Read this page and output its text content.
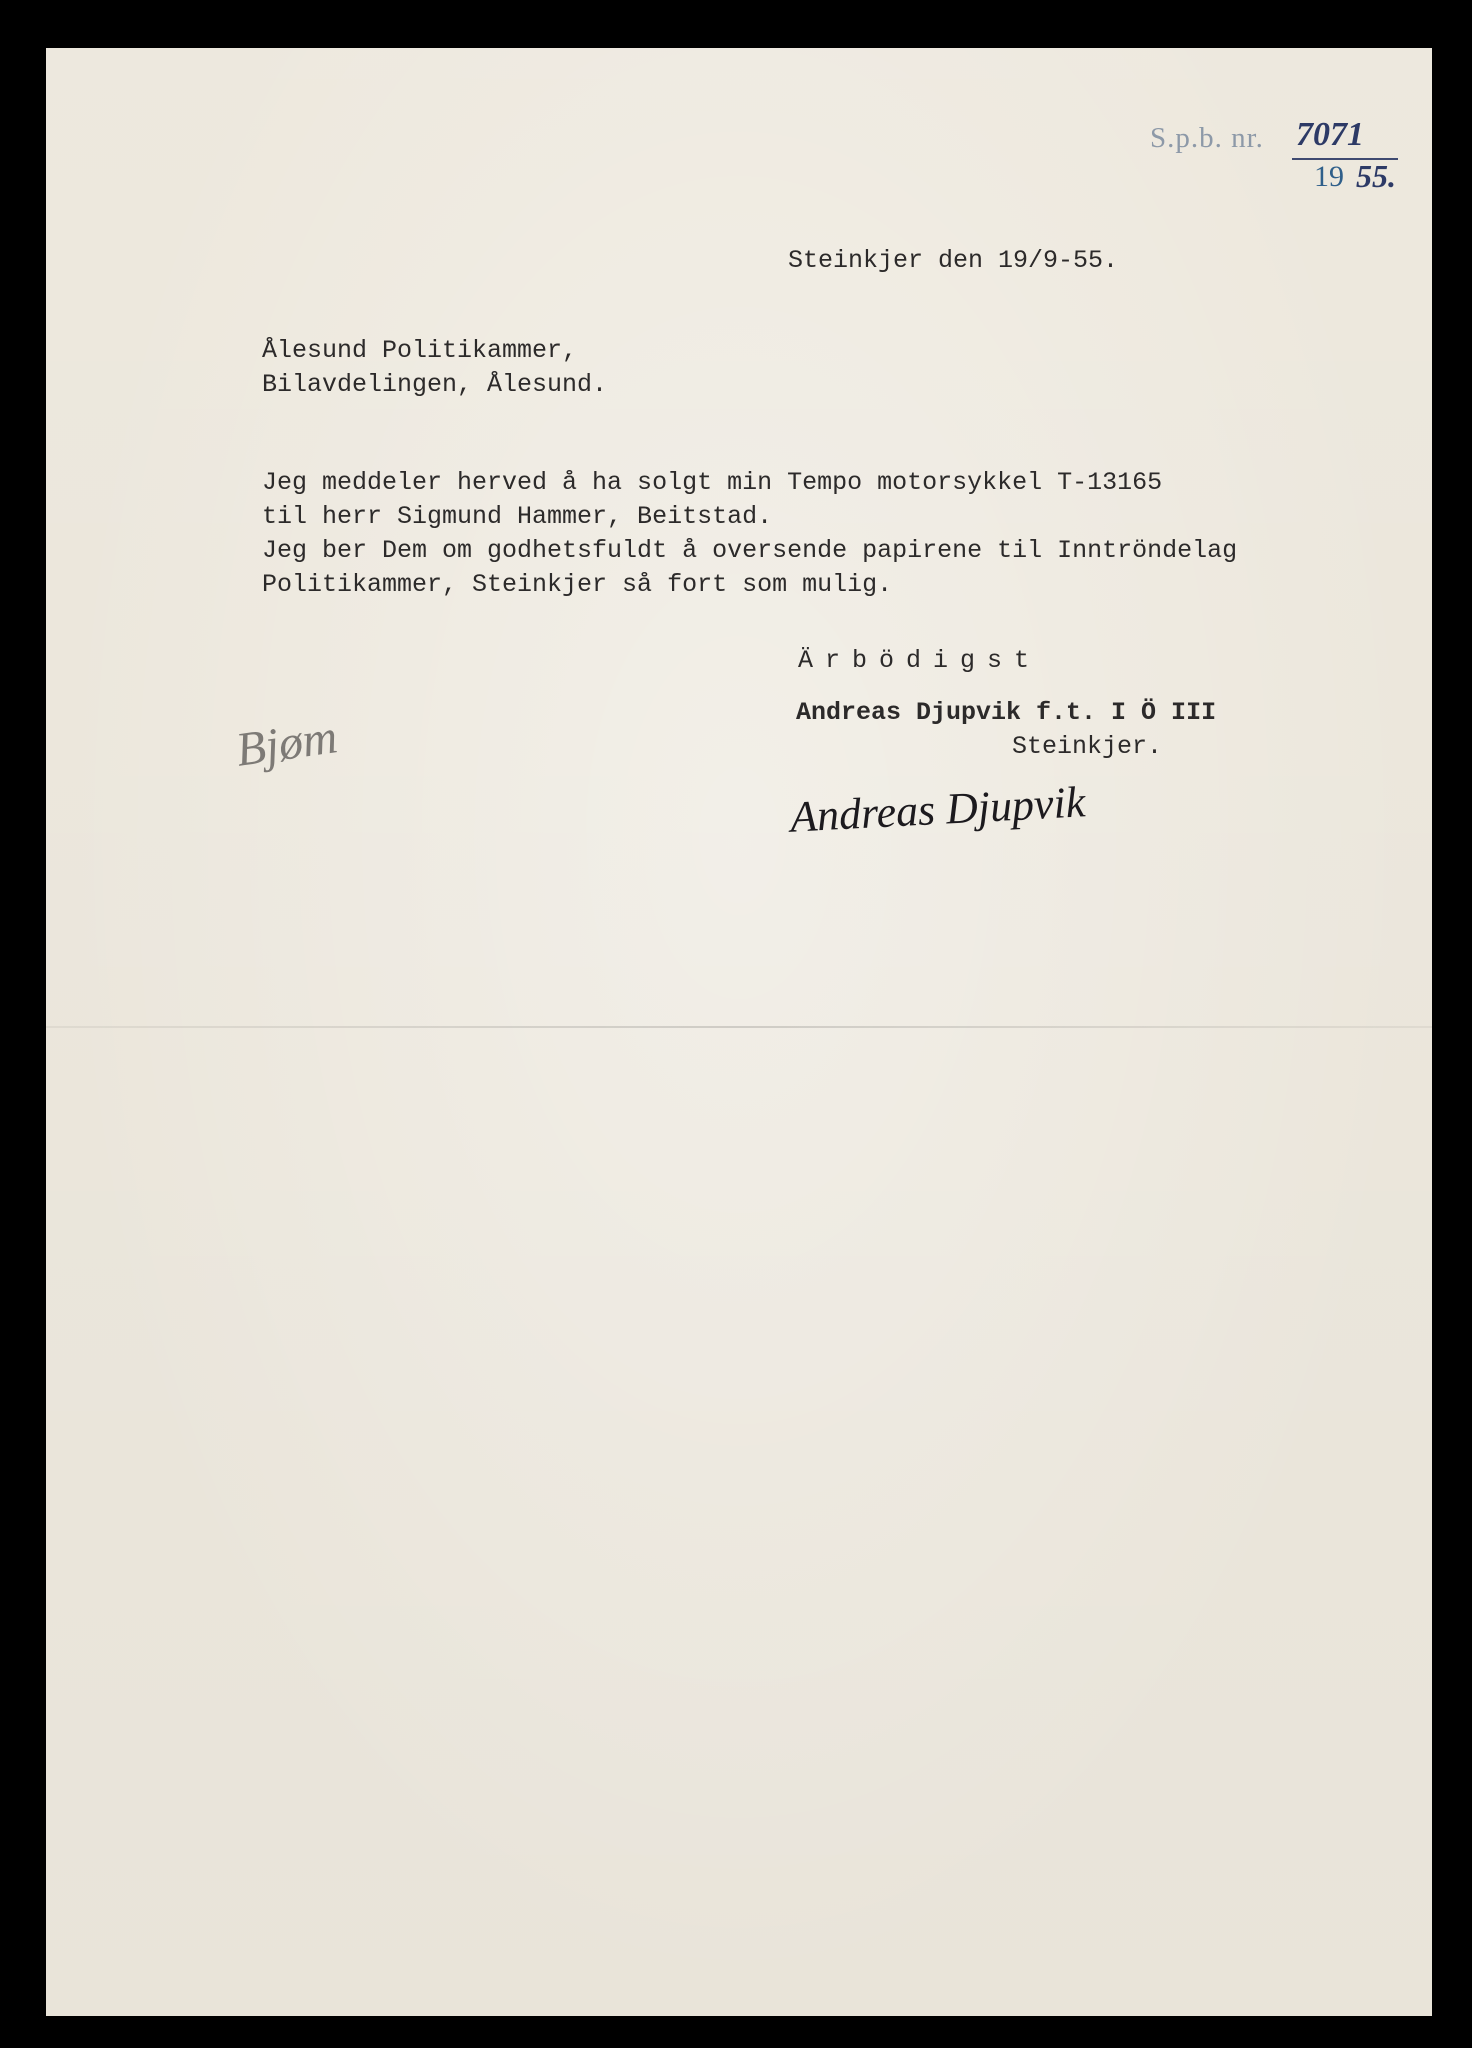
S.p.b. nr. 7071
19 55.
Steinkjer den 19/9-55.
Ålesund Politikammer,
Bilavdelingen, Ålesund.
Jeg meddeler herved å ha solgt min Tempo motorsykkel T-13165
til herr Sigmund Hammer, Beitstad.
Jeg ber Dem om godhetsfuldt å oversende papirene til Inntröndelag
Politikammer, Steinkjer så fort som mulig.
Ärbödigst
Andreas Djupvik f.t. I Ö III
Steinkjer.
Andreas Djupvik
Bjøm
